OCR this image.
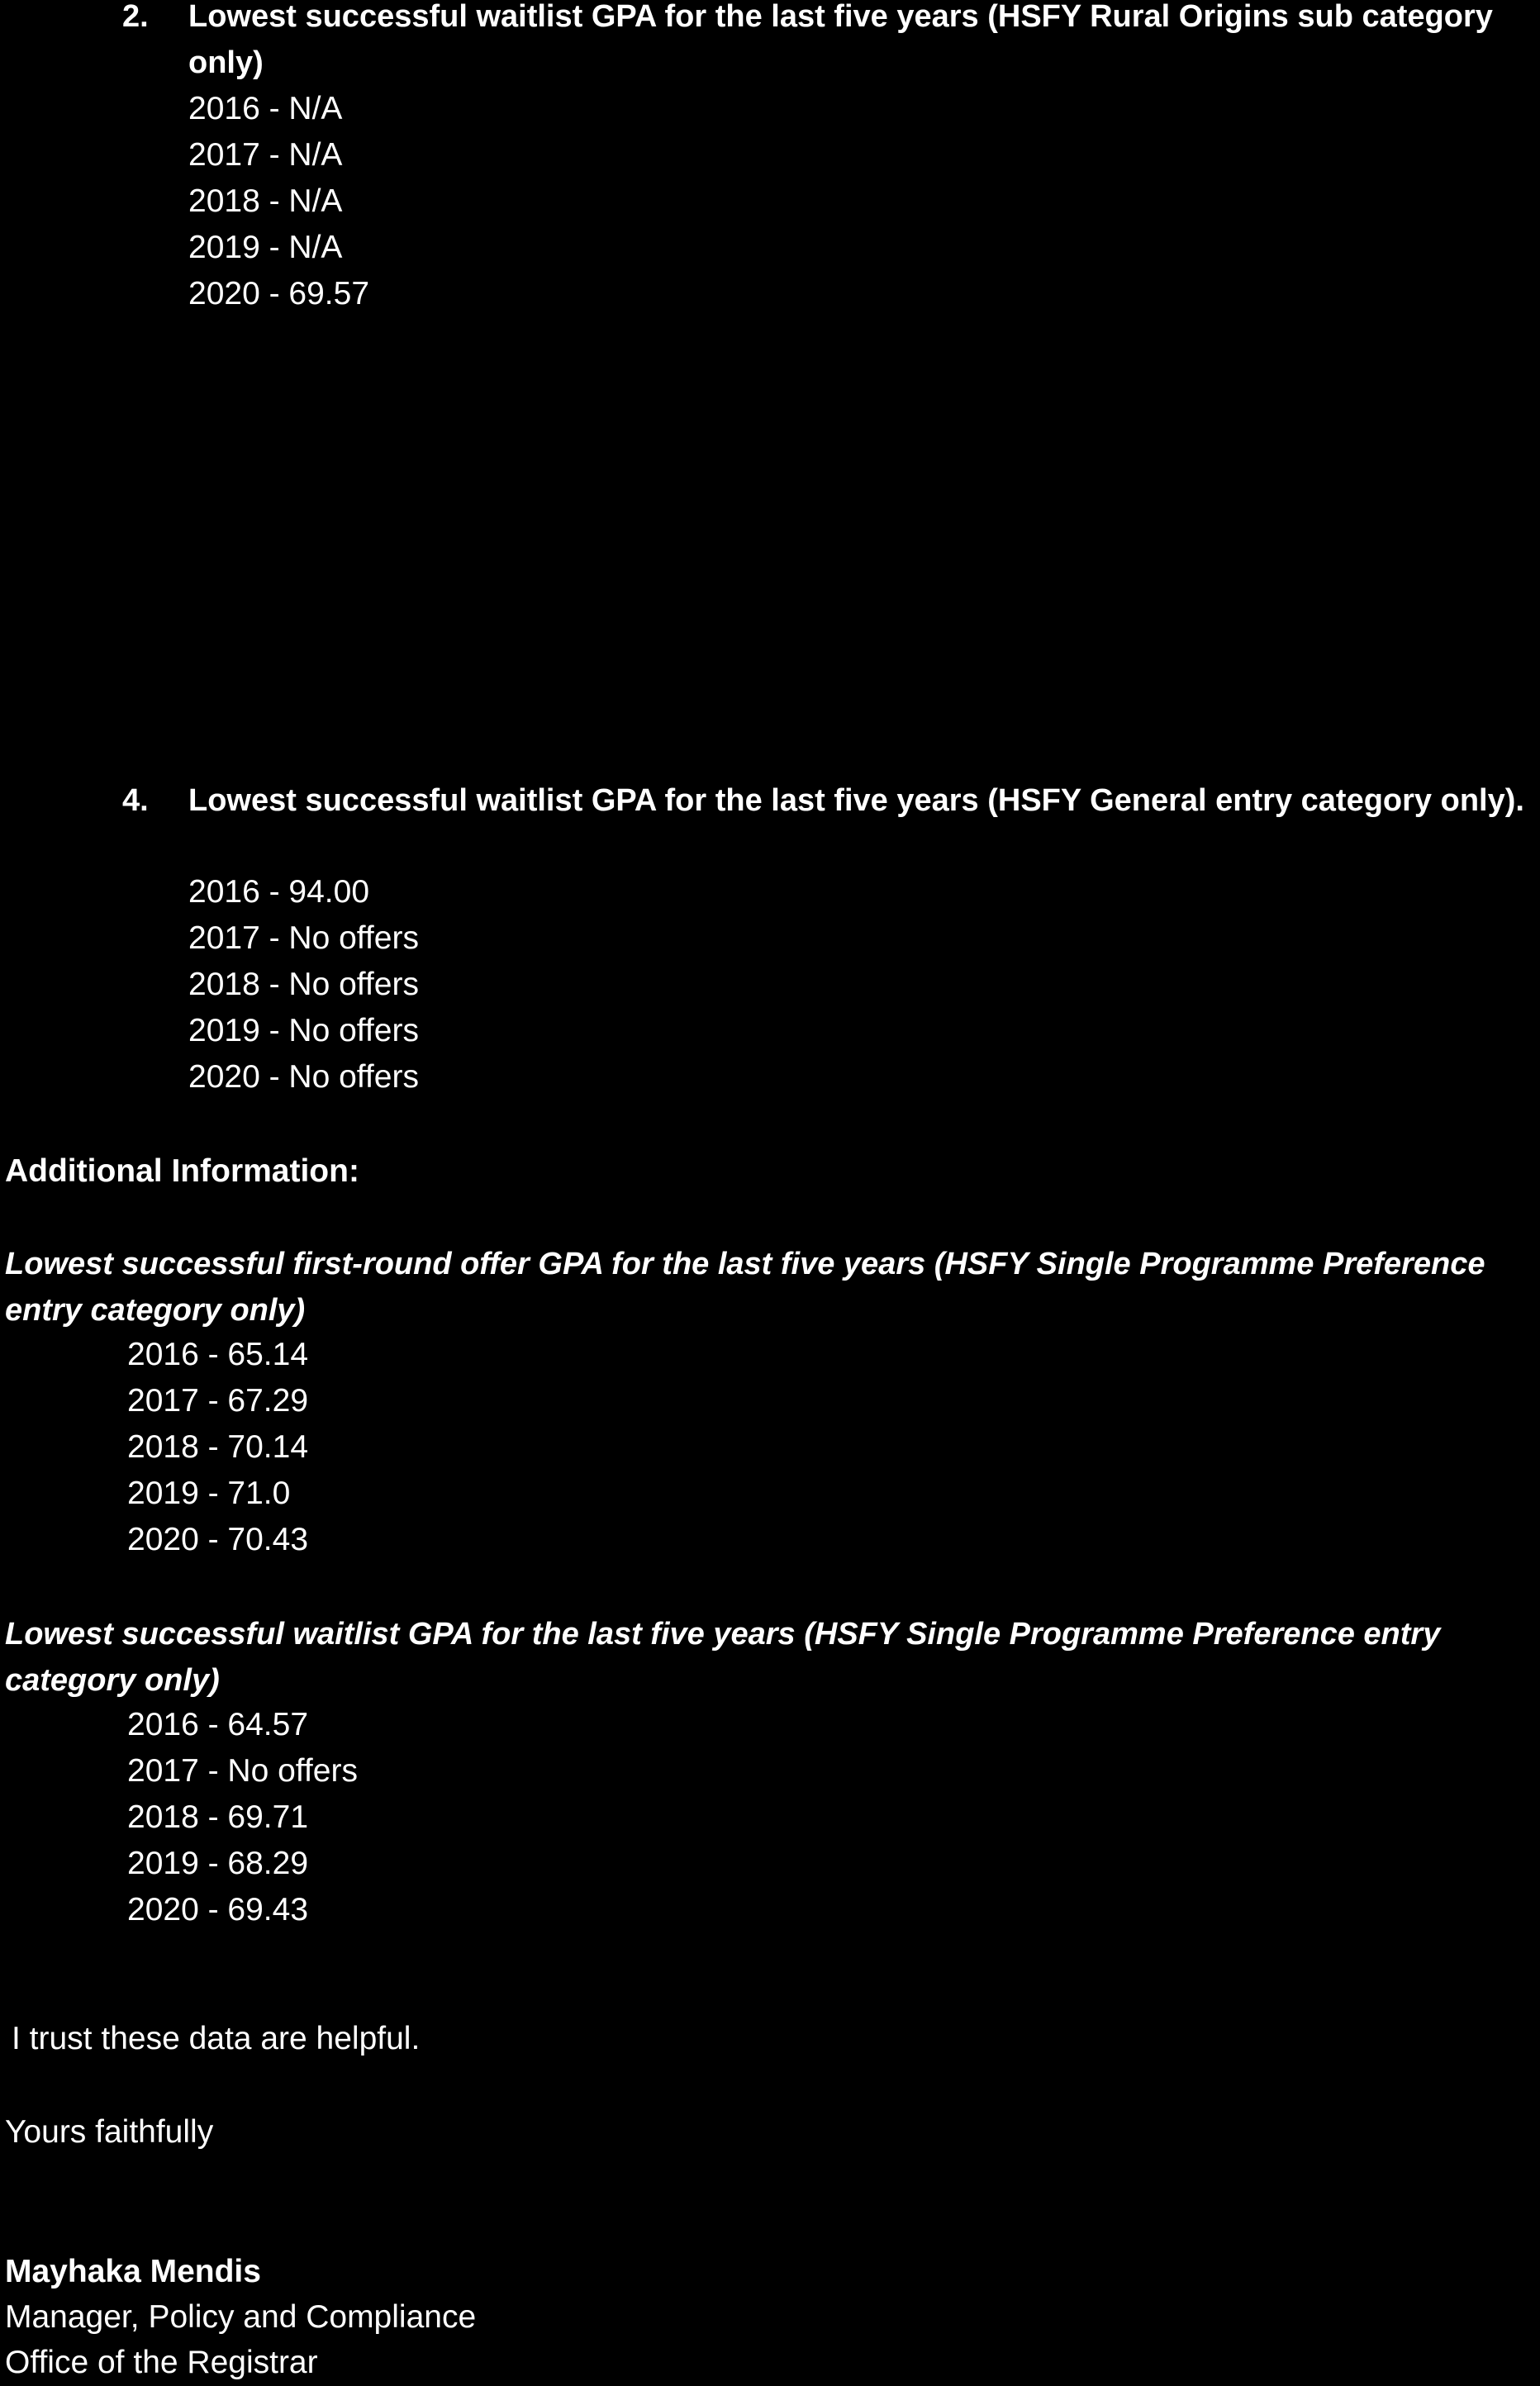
2. Lowest successful waitlist GPA for the last five years (HSFY Rural Origins sub category only)
2016 - N/A
2017 - N/A
2018 - N/A
2019 - N/A
2020 - 69.57
4. Lowest successful waitlist GPA for the last five years (HSFY General entry category only).
2016 - 94.00
2017 - No offers
2018 - No offers
2019 - No offers
2020 - No offers
Additional Information:
Lowest successful first-round offer GPA for the last five years (HSFY Single Programme Preference entry category only)
2016 - 65.14
2017 - 67.29
2018 - 70.14
2019 - 71.0
2020 - 70.43
Lowest successful waitlist GPA for the last five years (HSFY Single Programme Preference entry category only)
2016 - 64.57
2017 - No offers
2018 - 69.71
2019 - 68.29
2020 - 69.43
I trust these data are helpful.
Yours faithfully
Mayhaka Mendis
Manager, Policy and Compliance
Office of the Registrar
